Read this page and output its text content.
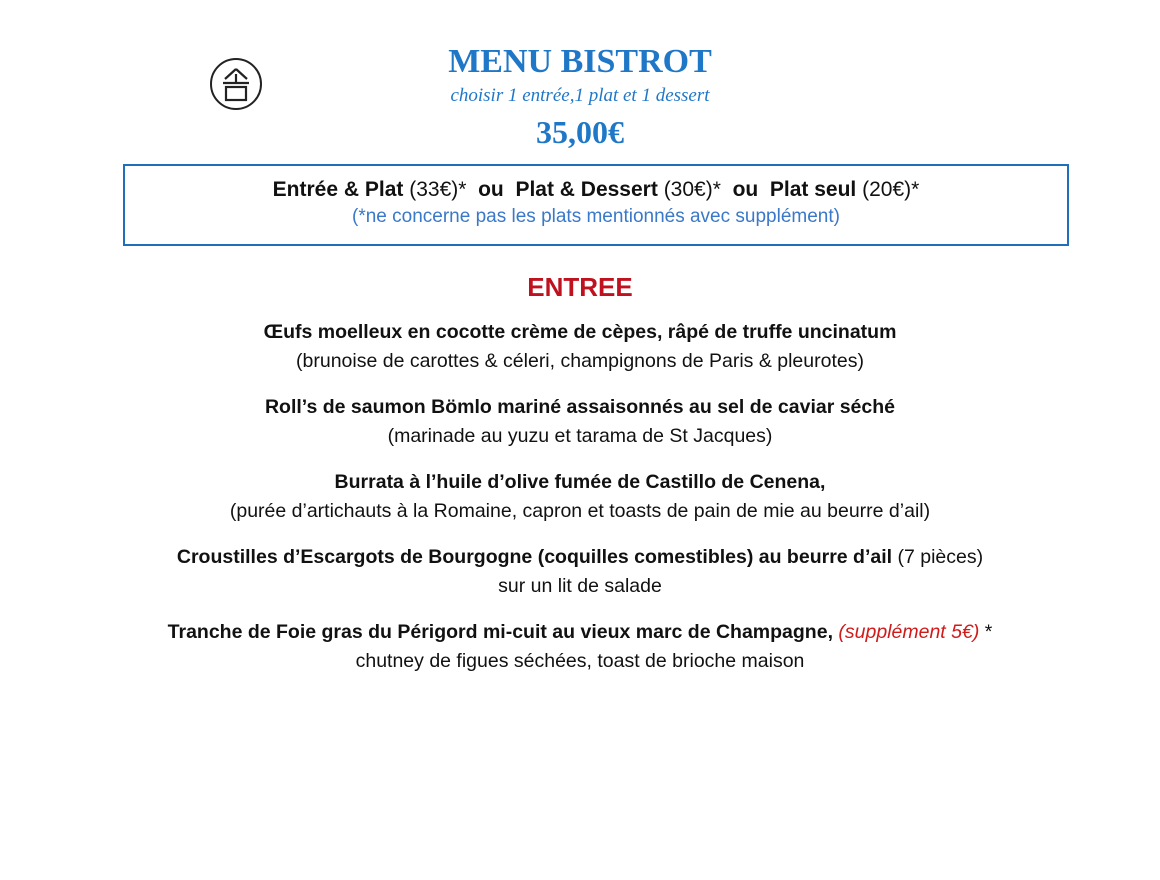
MENU BISTROT
choisir 1 entrée,1 plat et 1 dessert
35,00€
Entrée & Plat (33€)* ou Plat & Dessert (30€)* ou Plat seul (20€)*
(*ne concerne pas les plats mentionnés avec supplément)
ENTREE
Œufs moelleux en cocotte crème de cèpes, râpé de truffe uncinatum
(brunoise de carottes & céleri, champignons de Paris & pleurotes)
Roll’s de saumon Bömlo mariné assaisonnés au sel de caviar séché
(marinade au yuzu et tarama de St Jacques)
Burrata à l’huile d’olive fumée de Castillo de Cenena,
(purée d’artichauts à la Romaine, capron et toasts de pain de mie au beurre d’ail)
Croustilles d’Escargots de Bourgogne (coquilles comestibles) au beurre d’ail (7 pièces)
sur un lit de salade
Tranche de Foie gras du Périgord mi-cuit au vieux marc de Champagne, (supplément 5€) *
chutney de figues séchées, toast de brioche maison
